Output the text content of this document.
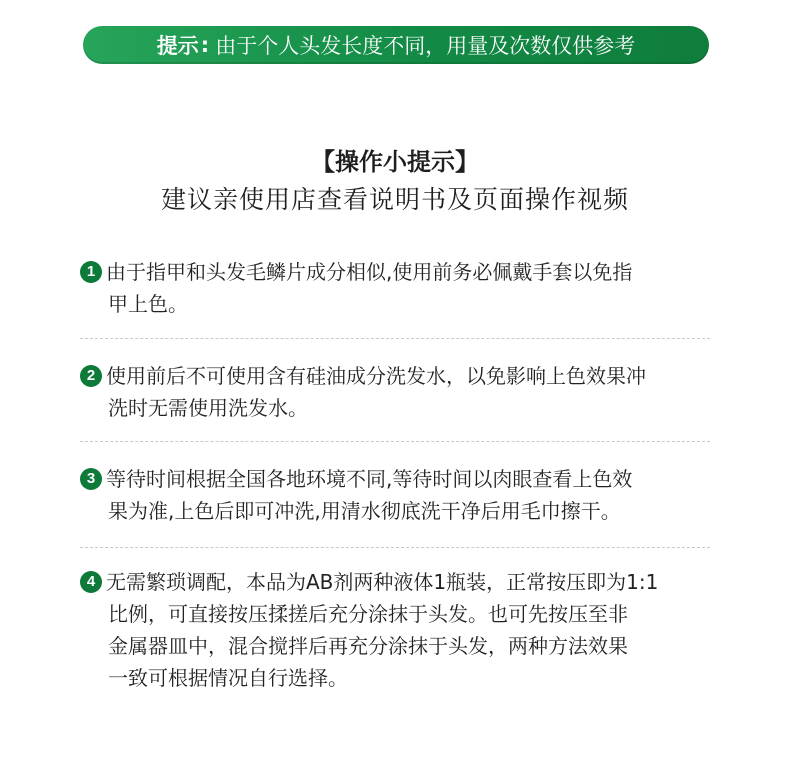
提示 : 由于个人头发长度不同，用量及次数仅供参考
【操作小提示】
建议亲使用店查看说明书及页面操作视频
1 由于指甲和头发毛鳞片成分相似,使用前务必佩戴手套以免指
甲上色。
2 使用前后不可使用含有硅油成分洗发水，以免影响上色效果冲
洗时无需使用洗发水。
3 等待时间根据全国各地环境不同,等待时间以肉眼查看上色效
果为准,上色后即可冲洗,用清水彻底洗干净后用毛巾擦干。
4 无需繁琐调配，本品为AB剂两种液体1瓶装，正常按压即为1:1
比例，可直接按压揉搓后充分涂抹于头发。也可先按压至非
金属器皿中，混合搅拌后再充分涂抹于头发，两种方法效果
一致可根据情况自行选择。
